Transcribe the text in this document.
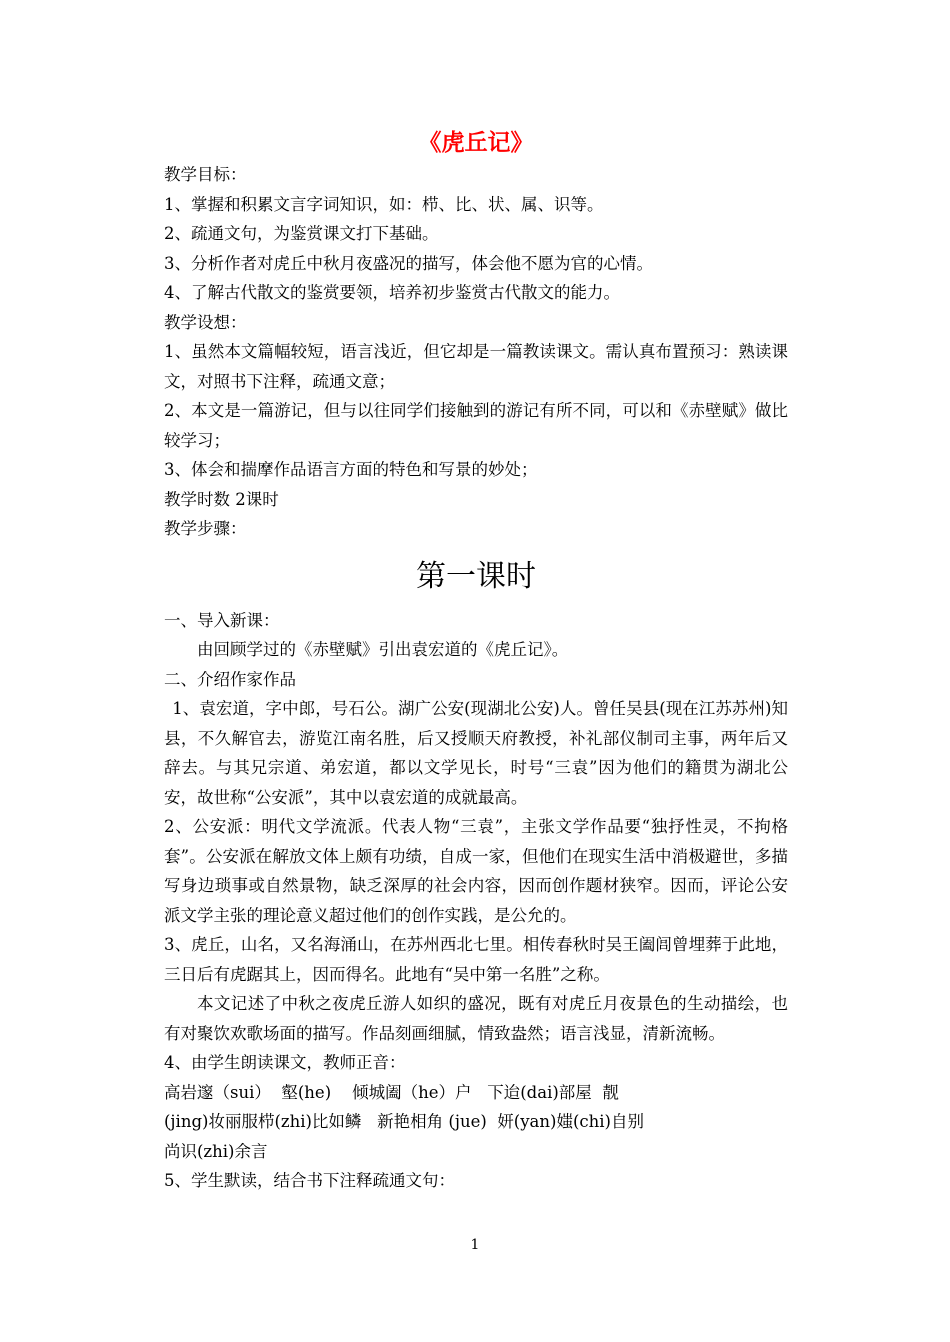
《虎丘记》

教学目标：

1、掌握和积累文言字词知识，如：栉、比、状、属、识等。

2、疏通文句，为鉴赏课文打下基础。

3、分析作者对虎丘中秋月夜盛况的描写，体会他不愿为官的心情。

4、了解古代散文的鉴赏要领，培养初步鉴赏古代散文的能力。

教学设想：

1、虽然本文篇幅较短，语言浅近，但它却是一篇教读课文。需认真布置预习：熟读课文，对照书下注释，疏通文意；

2、本文是一篇游记，但与以往同学们接触到的游记有所不同，可以和《赤壁赋》做比较学习；

3、体会和揣摩作品语言方面的特色和写景的妙处；

教学时数 2课时

教学步骤：

第一课时

一、导入新课：

由回顾学过的《赤壁赋》引出袁宏道的《虎丘记》。

二、介绍作家作品

1、袁宏道，字中郎，号石公。湖广公安(现湖北公安)人。曾任吴县(现在江苏苏州)知县，不久解官去，游览江南名胜，后又授顺天府教授，补礼部仪制司主事，两年后又辞去。与其兄宗道、弟宏道，都以文学见长，时号“三袁”因为他们的籍贯为湖北公安，故世称“公安派”，其中以袁宏道的成就最高。

2、公安派：明代文学流派。代表人物“三袁”，主张文学作品要“独抒性灵，不拘格套”。公安派在解放文体上颇有功绩，自成一家，但他们在现实生活中消极避世，多描写身边琐事或自然景物，缺乏深厚的社会内容，因而创作题材狭窄。因而，评论公安派文学主张的理论意义超过他们的创作实践，是公允的。

3、虎丘，山名，又名海涌山，在苏州西北七里。相传春秋时吴王阖闾曾埋葬于此地，三日后有虎踞其上，因而得名。此地有“吴中第一名胜”之称。

本文记述了中秋之夜虎丘游人如织的盛况，既有对虎丘月夜景色的生动描绘，也有对聚饮欢歌场面的描写。作品刻画细腻，情致盎然；语言浅显，清新流畅。

4、由学生朗读课文，教师正音：

高岩邃（sui）  壑(he)    倾城阖（he）户   下迨(dai)部屋  靓

(jing)妆丽服栉(zhi)比如鳞   新艳相角 (jue)  妍(yan)媸(chi)自别

尚识(zhi)余言

5、学生默读，结合书下注释疏通文句：

1
